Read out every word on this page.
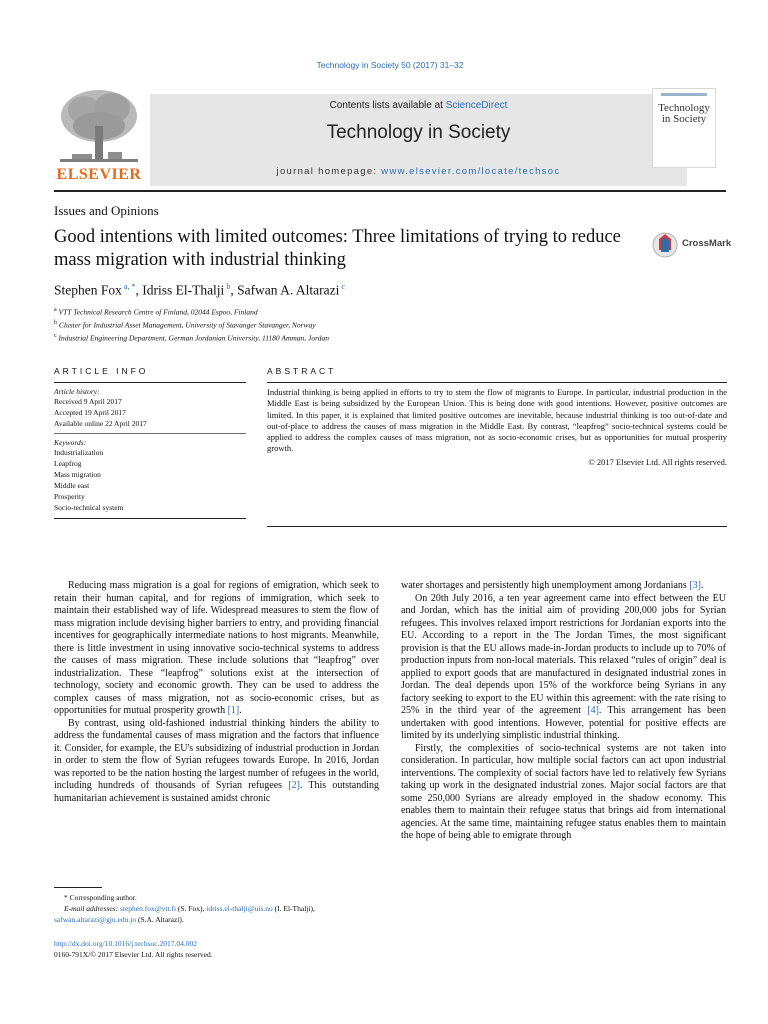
Technology in Society 50 (2017) 31–32
ELSEVIER
Contents lists available at ScienceDirect
Technology in Society
journal homepage: www.elsevier.com/locate/techsoc
Technology
in Society
Issues and Opinions
Good intentions with limited outcomes: Three limitations of trying to reduce mass migration with industrial thinking
CrossMark
Stephen Fox $^{a, *}$, Idriss El-Thalji $^b$, Safwan A. Altarazi $^c$
$^a$ VTT Technical Research Centre of Finland, 02044 Espoo, Finland
$^b$ Cluster for Industrial Asset Management, University of Stavanger Stavanger, Norway
$^c$ Industrial Engineering Department, German Jordanian University, 11180 Amman, Jordan
ARTICLE INFO
Article history:
Received 9 April 2017
Accepted 19 April 2017
Available online 22 April 2017
Keywords:
Industrialization
Leapfrog
Mass migration
Middle east
Prosperity
Socio-technical system
ABSTRACT
Industrial thinking is being applied in efforts to try to stem the flow of migrants to Europe. In particular, industrial production in the Middle East is being subsidized by the European Union. This is being done with good intentions. However, positive outcomes are limited. In this paper, it is explained that limited positive outcomes are inevitable, because industrial thinking is too out-of-date and out-of-place to address the causes of mass migration in the Middle East. By contrast, “leapfrog” socio-technical systems could be applied to address the complex causes of mass migration, not as socio-economic crises, but as opportunities for mutual prosperity growth.
© 2017 Elsevier Ltd. All rights reserved.

Reducing mass migration is a goal for regions of emigration, which seek to retain their human capital, and for regions of immigration, which seek to maintain their established way of life. Widespread measures to stem the flow of mass migration include devising higher barriers to entry, and providing financial incentives for geographically intermediate nations to host migrants. Meanwhile, there is little investment in using innovative socio-technical systems to address the causes of mass migration. These include solutions that “leapfrog” over industrialization. These “leapfrog” solutions exist at the intersection of technology, society and economic growth. They can be used to address the complex causes of mass migration, not as socio-economic crises, but as opportunities for mutual prosperity growth [1].

By contrast, using old-fashioned industrial thinking hinders the ability to address the fundamental causes of mass migration and the factors that influence it. Consider, for example, the EU's subsidizing of industrial production in Jordan in order to stem the flow of Syrian refugees towards Europe. In 2016, Jordan was reported to be the nation hosting the largest number of refugees in the world, including hundreds of thousands of Syrian refugees [2]. This outstanding humanitarian achievement is sustained amidst chronic

water shortages and persistently high unemployment among Jordanians [3].

On 20th July 2016, a ten year agreement came into effect between the EU and Jordan, which has the initial aim of providing 200,000 jobs for Syrian refugees. This involves relaxed import restrictions for Jordanian exports into the EU. According to a report in the The Jordan Times, the most significant provision is that the EU allows made-in-Jordan products to include up to 70% of production inputs from non-local materials. This relaxed “rules of origin” deal is applied to export goods that are manufactured in designated industrial zones in Jordan. The deal depends upon 15% of the workforce being Syrians in any factory seeking to export to the EU within this agreement: with the rate rising to 25% in the third year of the agreement [4]. This arrangement has been undertaken with good intentions. However, potential for positive effects are limited by its underlying simplistic industrial thinking.

Firstly, the complexities of socio-technical systems are not taken into consideration. In particular, how multiple social factors can act upon industrial interventions. The complexity of social factors have led to relatively few Syrians taking up work in the designated industrial zones. Major social factors are that some 250,000 Syrians are already employed in the shadow economy. This enables them to maintain their refugee status that brings aid from international agencies. At the same time, maintaining refugee status enables them to maintain the hope of being able to emigrate through

* Corresponding author.
E-mail addresses: stephen.fox@vtt.fi (S. Fox), idriss.el-thalji@uis.no (I. El-Thalji), safwan.altarazi@gju.edu.jo (S.A. Altarazi).
http://dx.doi.org/10.1016/j.techsoc.2017.04.002
0160-791X/© 2017 Elsevier Ltd. All rights reserved.
